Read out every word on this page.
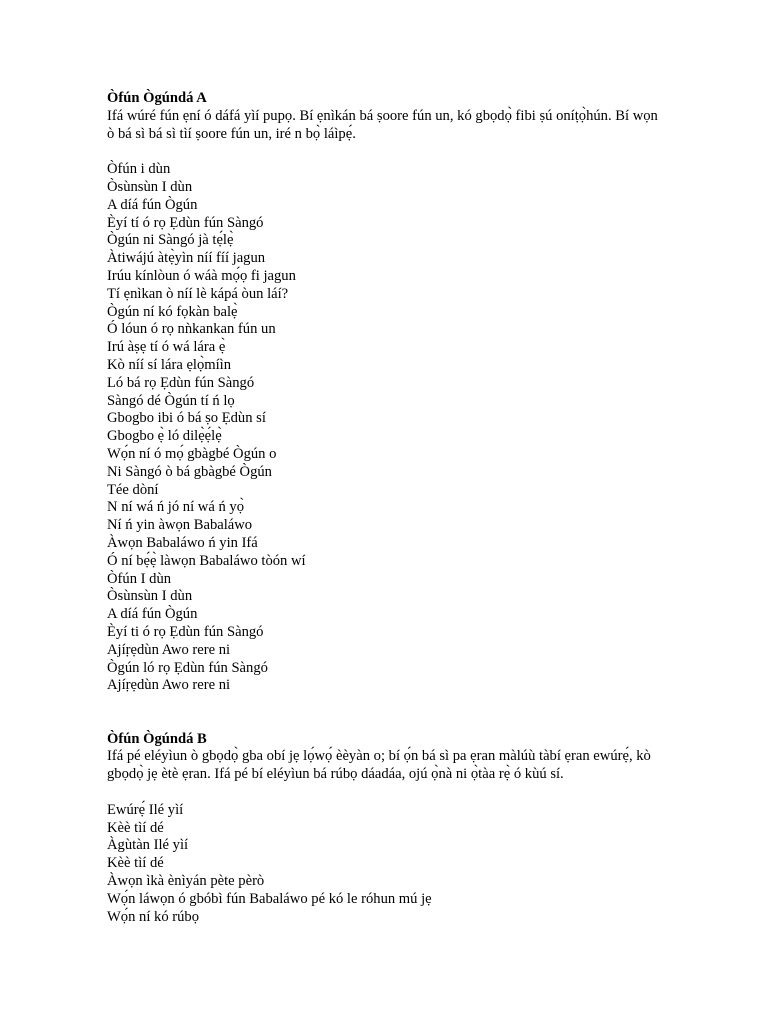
Òfún Ògúndá A

Ifá wúré fún ẹní ó dáfá yìí pupọ. Bí ẹnìkán bá ṣoore fún un, kó gbọdọ̀ fibi ṣú oníṭọ̀hún. Bí wọn ò bá sì bá sì tìí ṣoore fún un, iré n bọ̀ láìpẹ́.

Òfún i dùn
Òsùnsùn I dùn
A díá fún Ògún
Èyí tí ó rọ Ẹdùn fún Sàngó
Ògún ni Sàngó jà tẹ́lẹ̀
Àtiwájú àtẹ̀yìn níí fíí jagun
Irúu kínlòun ó wáà mọ́ọ fi jagun
Tí ẹnìkan ò níí lè kápá òun láí?
Ògún ní kó fọkàn balẹ̀
Ó lóun ó rọ nǹkankan fún un
Irú àṣẹ tí ó wá lára ẹ̀
Kò níí sí lára ẹlọ̀míìn
Ló bá rọ Ẹdùn fún Sàngó
Sàngó dé Ògún tí ń lọ
Gbogbo ibi ó bá ṣo Ẹdùn sí
Gbogbo ẹ̀ ló dilẹ̀ẹ́lẹ̀
Wọ́n ní ó mọ́ gbàgbé Ògún o
Ni Sàngó ò bá gbàgbé Ògún
Tée dòní
N ní wá ń jó ní wá ń yọ̀
Ní ń yin àwọn Babaláwo
Àwọn Babaláwo ń yin Ifá
Ó ní bẹ́ẹ̀ làwọn Babaláwo tòón wí
Òfún I dùn
Òsùnsùn I dùn
A díá fún Ògún
Èyí ti ó rọ Ẹdùn fún Sàngó
Ajíṛẹdùn Awo rere ni
Ògún ló rọ Ẹdùn fún Sàngó
Ajíṛẹdùn Awo rere ni

Òfún Ògúndá B

Ifá pé eléyìun ò gbọdọ̀ gba obí jẹ lọ́wọ́ èèyàn o; bí ọ́n bá sì pa ẹran màlúù tàbí ẹran ewúrẹ́, kò gbọdọ̀ jẹ ètè ẹran. Ifá pé bí eléyìun bá rúbọ dáadáa, ojú ọ̀nà ni ọ̀tàa rẹ̀ ó kùú sí.

Ewúrẹ́ Ilé yìí
Kèè tìí dé
Àgùtàn Ilé yìí
Kèè tìí dé
Àwọn ìkà ènìyán pète pèrò
Wọ́n láwọn ó gbóbì fún Babaláwo pé kó le róhun mú jẹ
Wọ́n ní kó rúbọ
